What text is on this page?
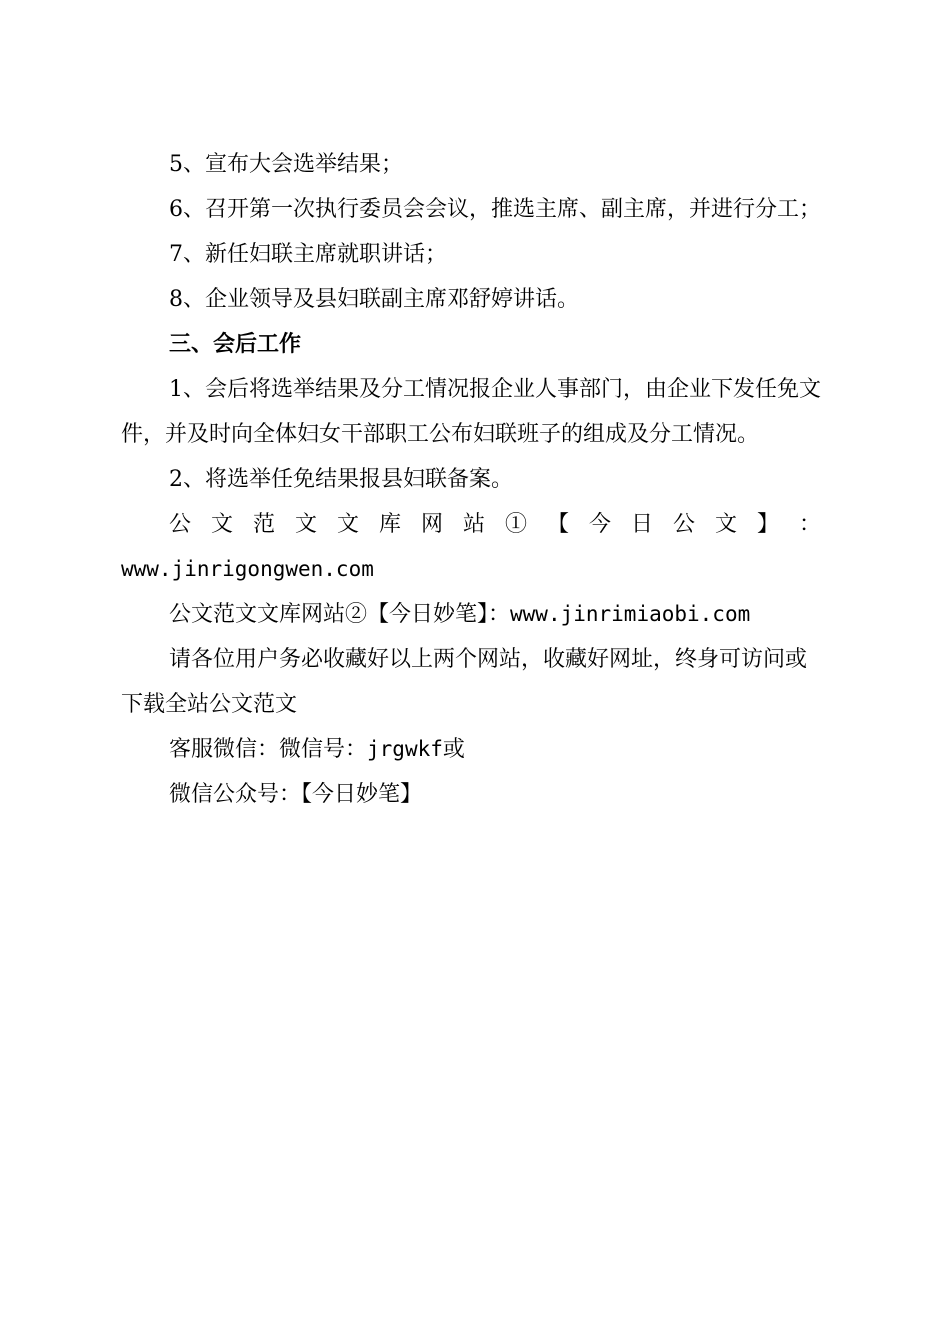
5、宣布大会选举结果；

6、召开第一次执行委员会会议，推选主席、副主席，并进行分工；

7、新任妇联主席就职讲话；

8、企业领导及县妇联副主席邓舒婷讲话。

三、会后工作

1、会后将选举结果及分工情况报企业人事部门，由企业下发任免文件，并及时向全体妇女干部职工公布妇联班子的组成及分工情况。

2、将选举任免结果报县妇联备案。

公 文 范 文 文 库 网 站 ① 【 今 日 公 文 】 ：

www.jinrigongwen.com

公文范文文库网站②【今日妙笔】：www.jinrimiaobi.com

请各位用户务必收藏好以上两个网站，收藏好网址，终身可访问或下载全站公文范文

客服微信：微信号：jrgwkf或

微信公众号：【今日妙笔】
